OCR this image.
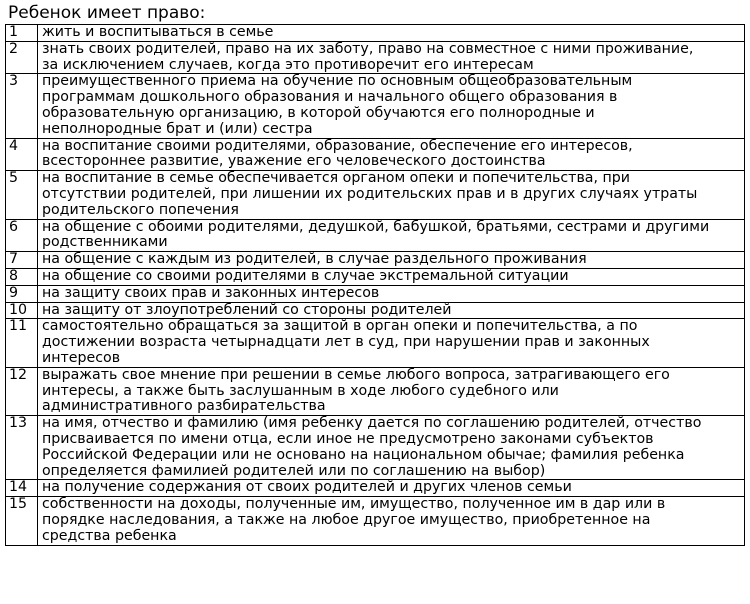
Ребенок имеет право:
1	жить и воспитываться в семье
2	знать своих родителей, право на их заботу, право на совместное с ними проживание,
за исключением случаев, когда это противоречит его интересам
3	преимущественного приема на обучение по основным общеобразовательным
программам дошкольного образования и начального общего образования в
образовательную организацию, в которой обучаются его полнородные и
неполнородные брат и (или) сестра
4	на воспитание своими родителями, образование, обеспечение его интересов,
всестороннее развитие, уважение его человеческого достоинства
5	на воспитание в семье обеспечивается органом опеки и попечительства, при
отсутствии родителей, при лишении их родительских прав и в других случаях утраты
родительского попечения
6	на общение с обоими родителями, дедушкой, бабушкой, братьями, сестрами и другими
родственниками
7	на общение с каждым из родителей, в случае раздельного проживания
8	на общение со своими родителями в случае экстремальной ситуации
9	на защиту своих прав и законных интересов
10	на защиту от злоупотреблений со стороны родителей
11	самостоятельно обращаться за защитой в орган опеки и попечительства, а по
достижении возраста четырнадцати лет в суд, при нарушении прав и законных
интересов
12	выражать свое мнение при решении в семье любого вопроса, затрагивающего его
интересы, а также быть заслушанным в ходе любого судебного или
административного разбирательства
13	на имя, отчество и фамилию (имя ребенку дается по соглашению родителей, отчество
присваивается по имени отца, если иное не предусмотрено законами субъектов
Российской Федерации или не основано на национальном обычае; фамилия ребенка
определяется фамилией родителей или по соглашению на выбор)
14	на получение содержания от своих родителей и других членов семьи
15	собственности на доходы, полученные им, имущество, полученное им в дар или в
порядке наследования, а также на любое другое имущество, приобретенное на
средства ребенка
